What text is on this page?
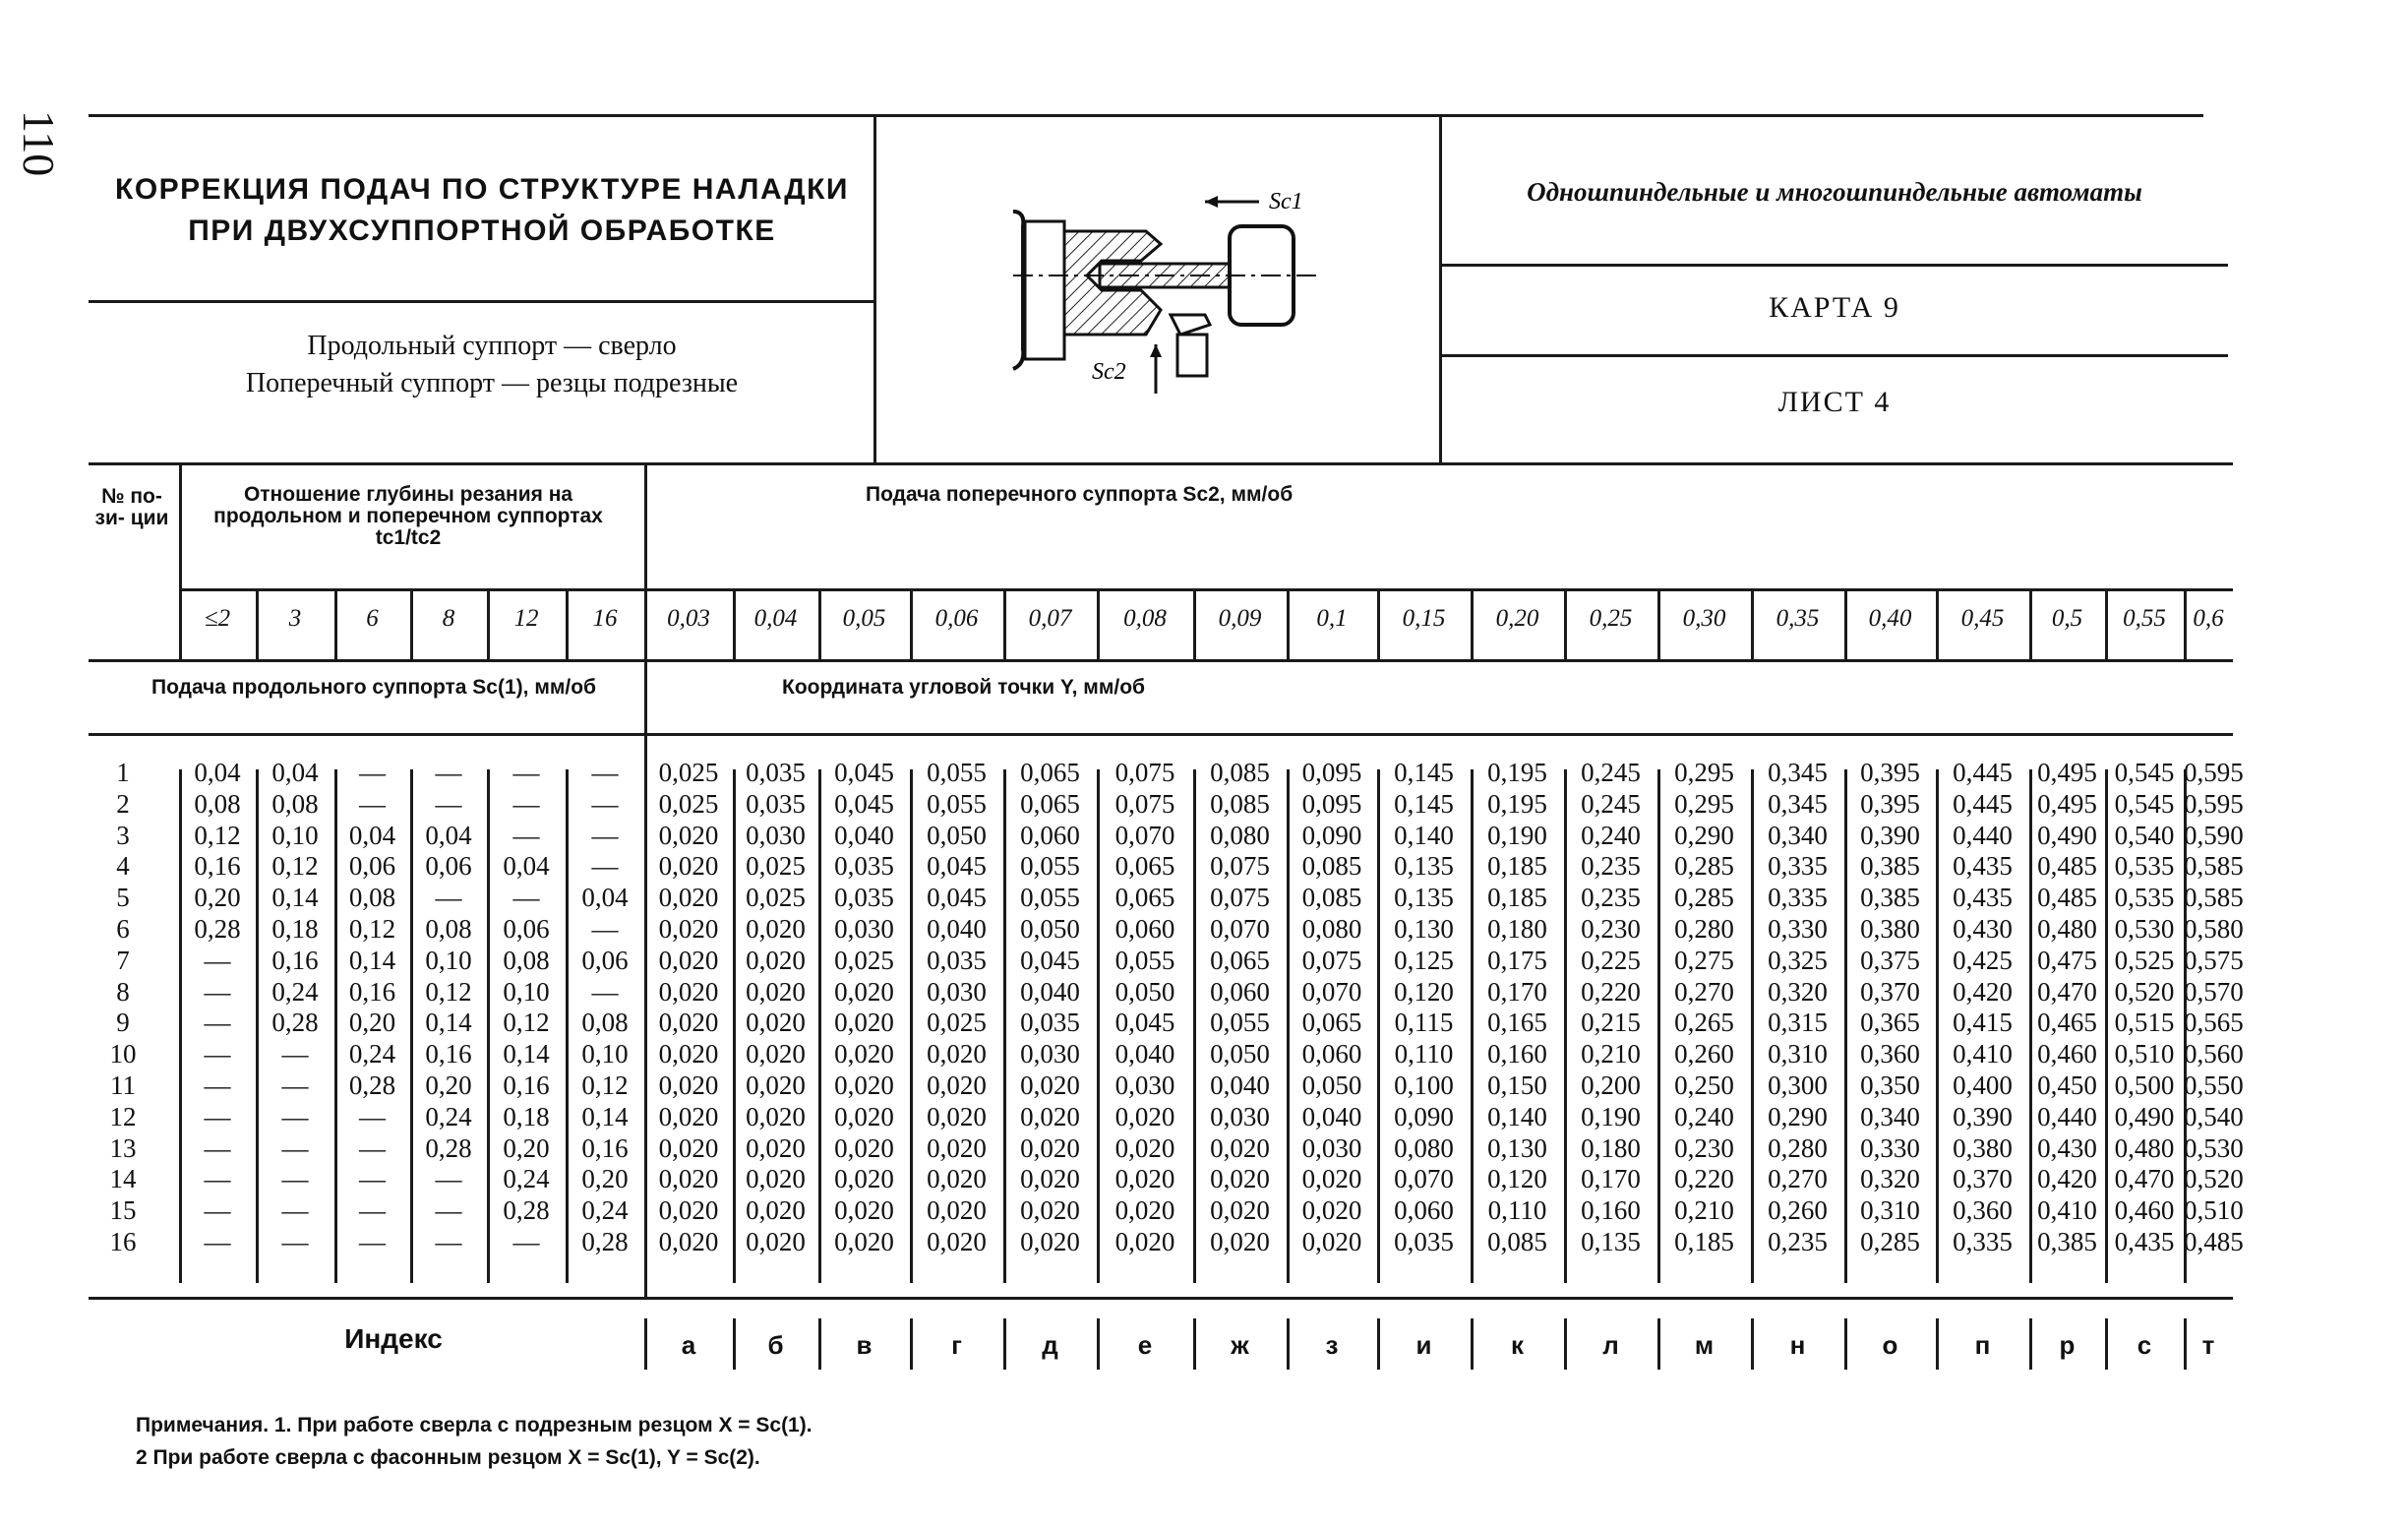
110
КОРРЕКЦИЯ ПОДАЧ ПО СТРУКТУРЕ НАЛАДКИ
ПРИ ДВУХСУППОРТНОЙ ОБРАБОТКЕ
Продольный суппорт — сверло
Поперечный суппорт — резцы подрезные
Sc1
Sc2
Одношпиндельные и многошпиндельные автоматы
КАРТА 9
ЛИСТ 4
№ по- зи- ции
Отношение глубины резания на продольном и поперечном суппортах tc1/tc2
Подача поперечного суппорта Sc2, мм/об
Подача продольного суппорта Sc(1), мм/об	Координата угловой точки Y, мм/об
Индекс
≤2	3	6	8	12	16	0,03	0,04	0,05	0,06	0,07	0,08	0,09	0,1	0,15	0,20	0,25	0,30	0,35	0,40	0,45	0,5	0,55	0,6
а	б	в	г	д	е	ж	з	и	к	л	м	н	о	п	р	с	т
1	0,04	0,04	—	—	—	—	0,025	0,035	0,045	0,055	0,065	0,075	0,085	0,095	0,145	0,195	0,245	0,295	0,345	0,395	0,445 0,495 0,545 0,595
2	0,08	0,08	—	—	—	—	0,025	0,035	0,045	0,055	0,065	0,075	0,085	0,095	0,145	0,195	0,245	0,295	0,345	0,395	0,445 0,495 0,545 0,595
3	0,12	0,10	0,04	0,04	—	—	0,020	0,030	0,040	0,050	0,060	0,070	0,080	0,090	0,140	0,190	0,240	0,290	0,340	0,390	0,440 0,490 0,540 0,590
4	0,16	0,12	0,06	0,06	0,04	—	0,020	0,025	0,035	0,045	0,055	0,065	0,075	0,085	0,135	0,185	0,235	0,285	0,335	0,385	0,435 0,485 0,535 0,585
5	0,20	0,14	0,08	—	—	0,04	0,020	0,025	0,035	0,045	0,055	0,065	0,075	0,085	0,135	0,185	0,235	0,285	0,335	0,385	0,435 0,485 0,535 0,585
6	0,28	0,18	0,12	0,08	0,06	—	0,020	0,020	0,030	0,040	0,050	0,060	0,070	0,080	0,130	0,180	0,230	0,280	0,330	0,380	0,430 0,480 0,530 0,580
7	—	0,16	0,14	0,10	0,08	0,06	0,020	0,020	0,025	0,035	0,045	0,055	0,065	0,075	0,125	0,175	0,225	0,275	0,325	0,375	0,425 0,475 0,525 0,575
8	—	0,24	0,16	0,12	0,10	—	0,020	0,020	0,020	0,030	0,040	0,050	0,060	0,070	0,120	0,170	0,220	0,270	0,320	0,370	0,420 0,470 0,520 0,570
9	—	0,28	0,20	0,14	0,12	0,08	0,020	0,020	0,020	0,025	0,035	0,045	0,055	0,065	0,115	0,165	0,215	0,265	0,315	0,365	0,415 0,465 0,515 0,565
10	—	—	0,24	0,16	0,14	0,10	0,020	0,020	0,020	0,020	0,030	0,040	0,050	0,060	0,110	0,160	0,210	0,260	0,310	0,360	0,410 0,460 0,510 0,560
11	—	—	0,28	0,20	0,16	0,12	0,020	0,020	0,020	0,020	0,020	0,030	0,040	0,050	0,100	0,150	0,200	0,250	0,300	0,350	0,400 0,450 0,500 0,550
12	—	—	—	0,24	0,18	0,14	0,020	0,020	0,020	0,020	0,020	0,020	0,030	0,040	0,090	0,140	0,190	0,240	0,290	0,340	0,390 0,440 0,490 0,540
13	—	—	—	0,28	0,20	0,16	0,020	0,020	0,020	0,020	0,020	0,020	0,020	0,030	0,080	0,130	0,180	0,230	0,280	0,330	0,380 0,430 0,480 0,530
14	—	—	—	—	0,24	0,20	0,020	0,020	0,020	0,020	0,020	0,020	0,020	0,020	0,070	0,120	0,170	0,220	0,270	0,320	0,370 0,420 0,470 0,520
15	—	—	—	—	0,28	0,24	0,020	0,020	0,020	0,020	0,020	0,020	0,020	0,020	0,060	0,110	0,160	0,210	0,260	0,310	0,360 0,410 0,460 0,510
16	—	—	—	—	—	0,28	0,020	0,020	0,020	0,020	0,020	0,020	0,020	0,020	0,035	0,085	0,135	0,185	0,235	0,285	0,335 0,385 0,435 0,485
Примечания. 1. При работе сверла с подрезным резцом X = Sc(1).
2 При работе сверла с фасонным резцом X = Sc(1), Y = Sc(2).
